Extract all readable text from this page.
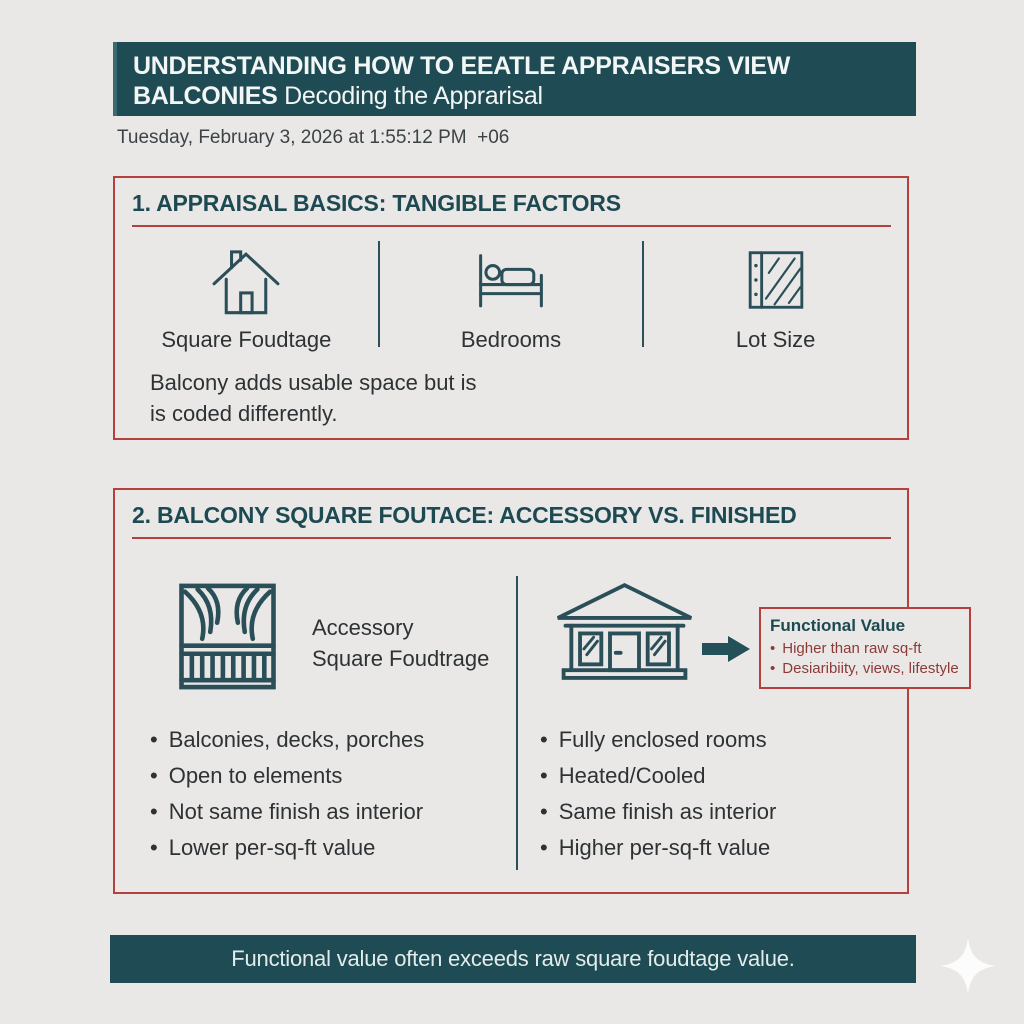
UNDERSTANDING HOW TO EEATLE APPRAISERS VIEW
BALCONIES Decoding the Apprarisal
Tuesday, February 3, 2026 at 1:55:12 PM  +06
1. APPRAISAL BASICS: TANGIBLE FACTORS
Square Foudtage	Bedrooms	Lot Size
Balcony adds usable space but is
is coded differently.
2. BALCONY SQUARE FOUTACE: ACCESSORY VS. FINISHED
Accessory
Square Foudtrage
Functional Value
• Higher than raw sq-ft
• Desiaribiity, views, lifestyle
• Balconies, decks, porches
• Open to elements
• Not same finish as interior
• Lower per-sq-ft value
• Fully enclosed rooms
• Heated/Cooled
• Same finish as interior
• Higher per-sq-ft value
Functional value often exceeds raw square foudtage value.
